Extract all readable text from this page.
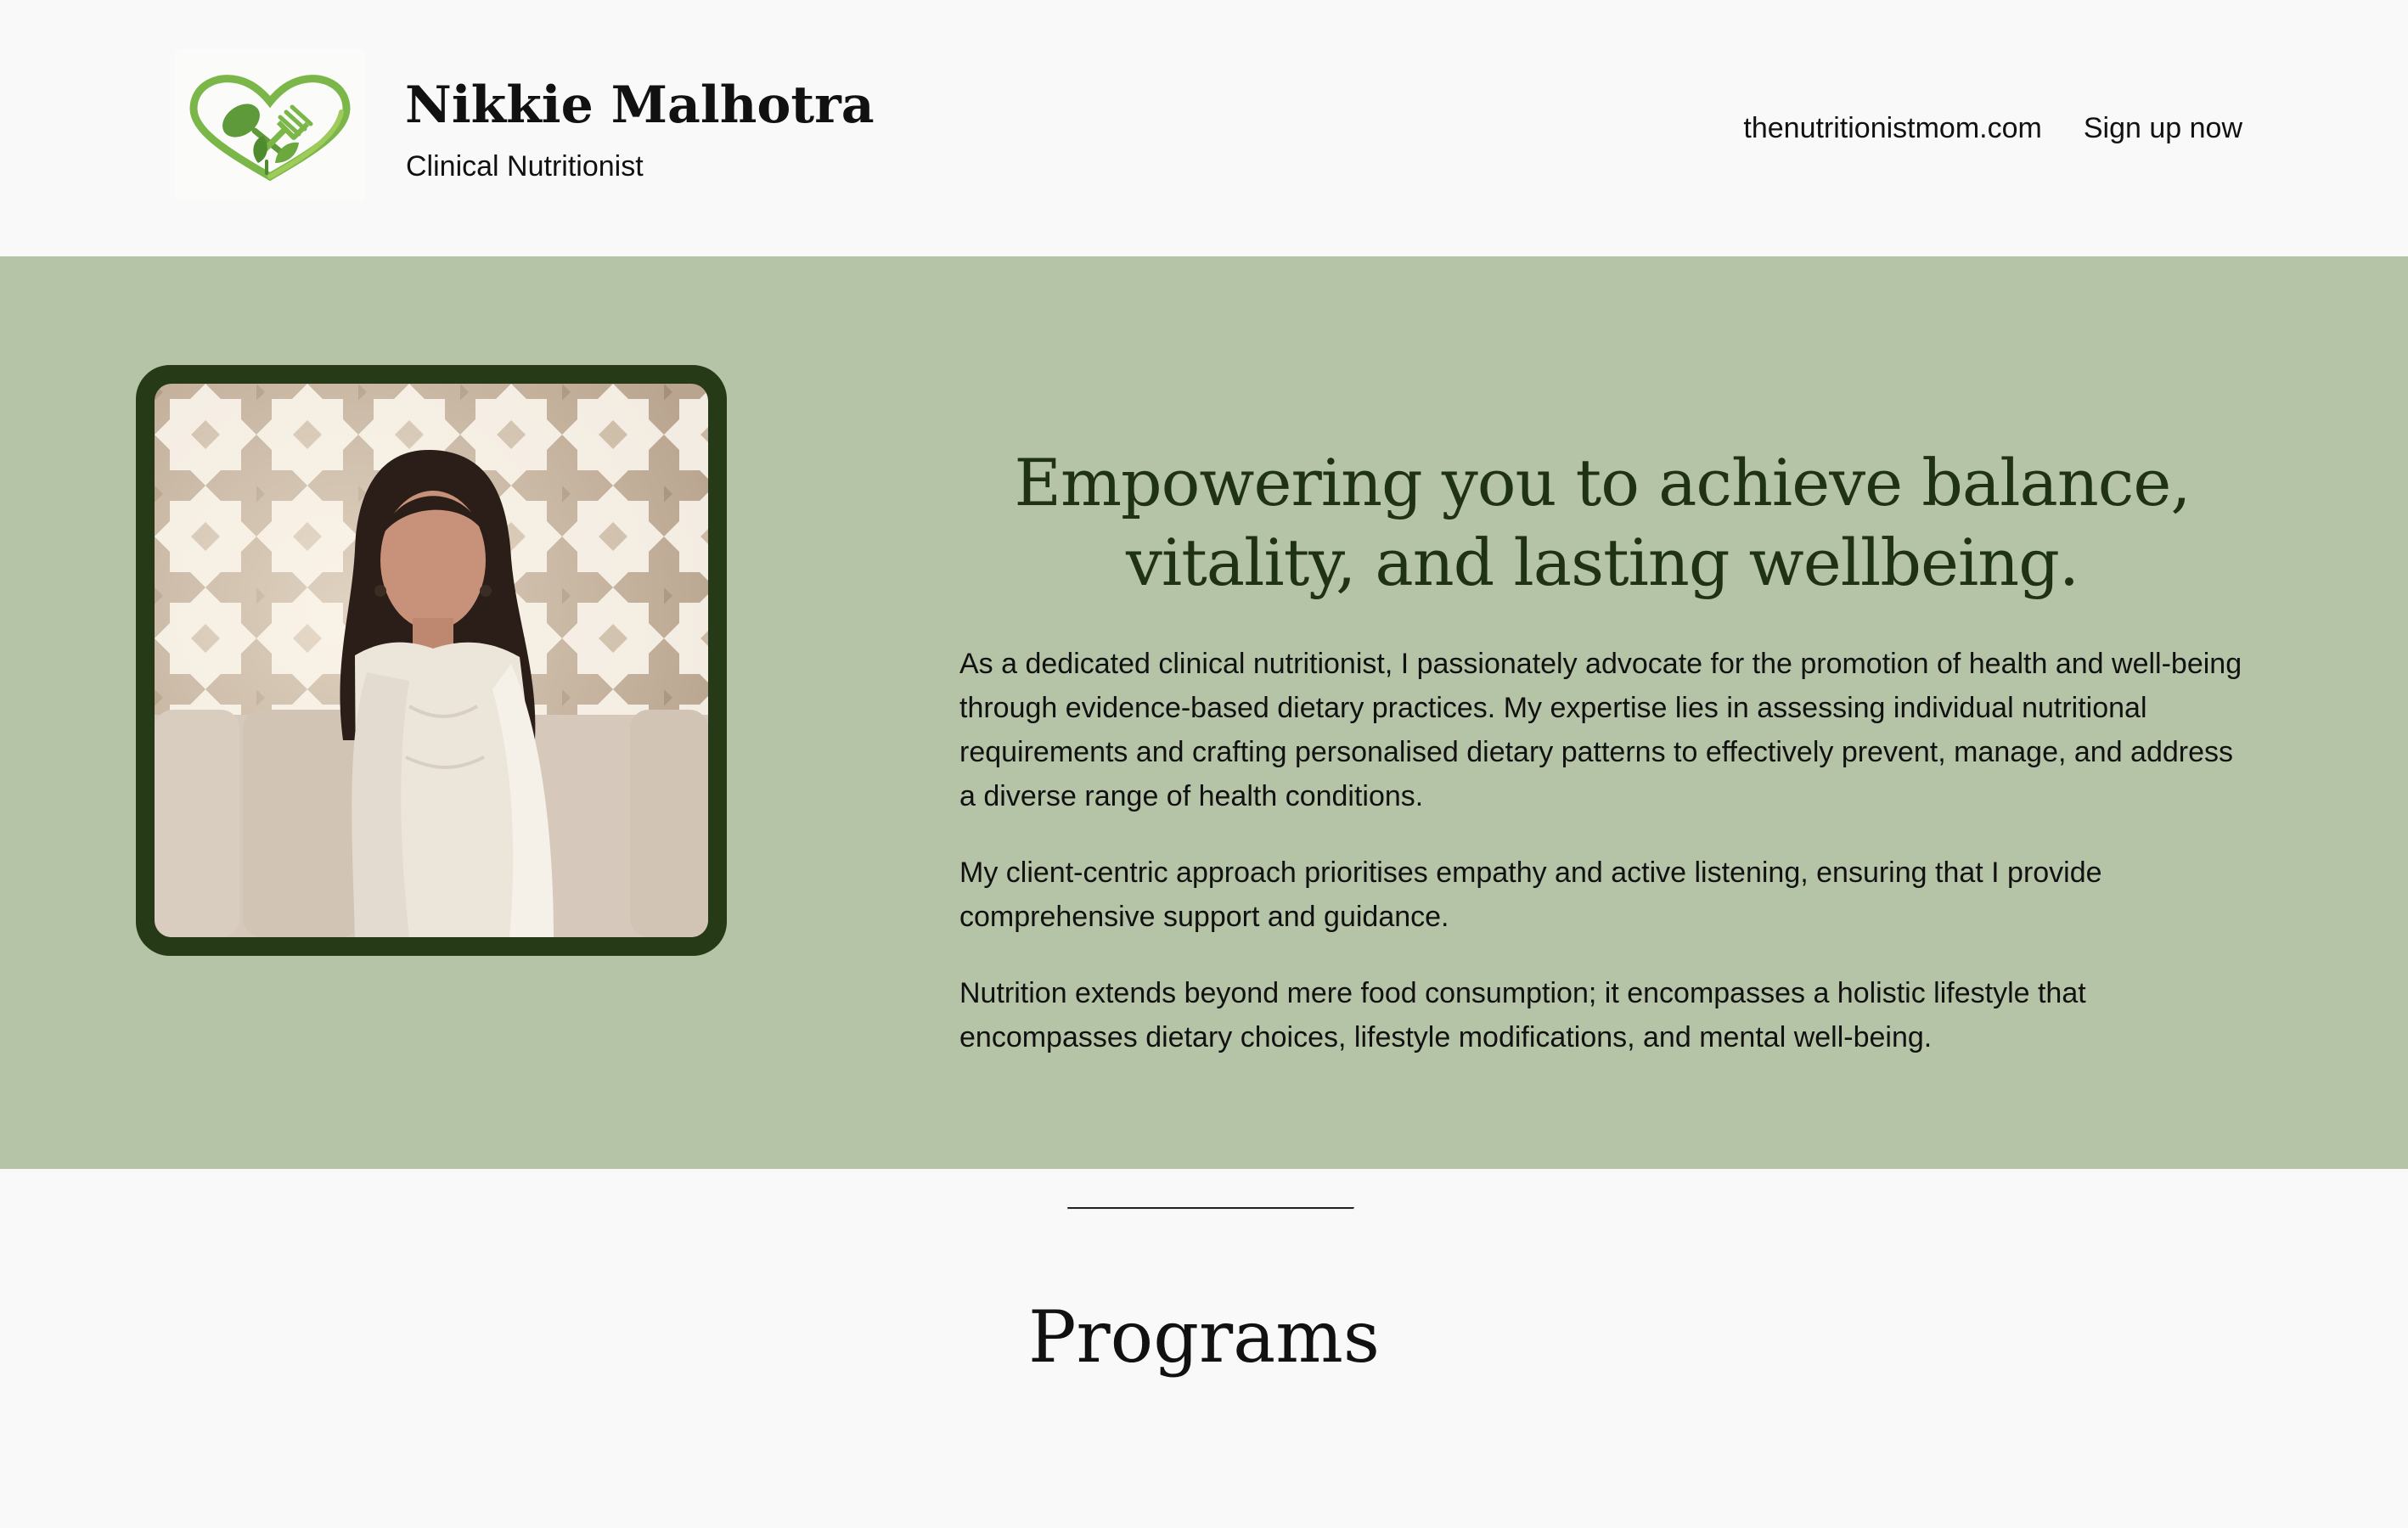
Nikkie Malhotra
Clinical Nutritionist
thenutritionistmom.com Sign up now
Empowering you to achieve balance, vitality, and lasting wellbeing.

As a dedicated clinical nutritionist, I passionately advocate for the promotion of health and well-being through evidence-based dietary practices. My expertise lies in assessing individual nutritional requirements and crafting personalised dietary patterns to effectively prevent, manage, and address a diverse range of health conditions.

My client-centric approach prioritises empathy and active listening, ensuring that I provide comprehensive support and guidance.

Nutrition extends beyond mere food consumption; it encompasses a holistic lifestyle that encompasses dietary choices, lifestyle modifications, and mental well-being.

Programs
